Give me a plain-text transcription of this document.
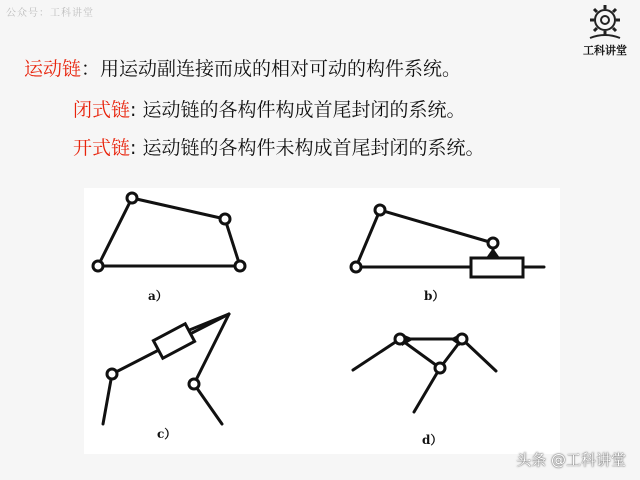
公众号：工科讲堂
工科讲堂
运动链：用运动副连接而成的相对可动的构件系统。
闭式链: 运动链的各构件构成首尾封闭的系统。
开式链: 运动链的各构件未构成首尾封闭的系统。
a）	b）
c）	d）
头条 @工科讲堂
